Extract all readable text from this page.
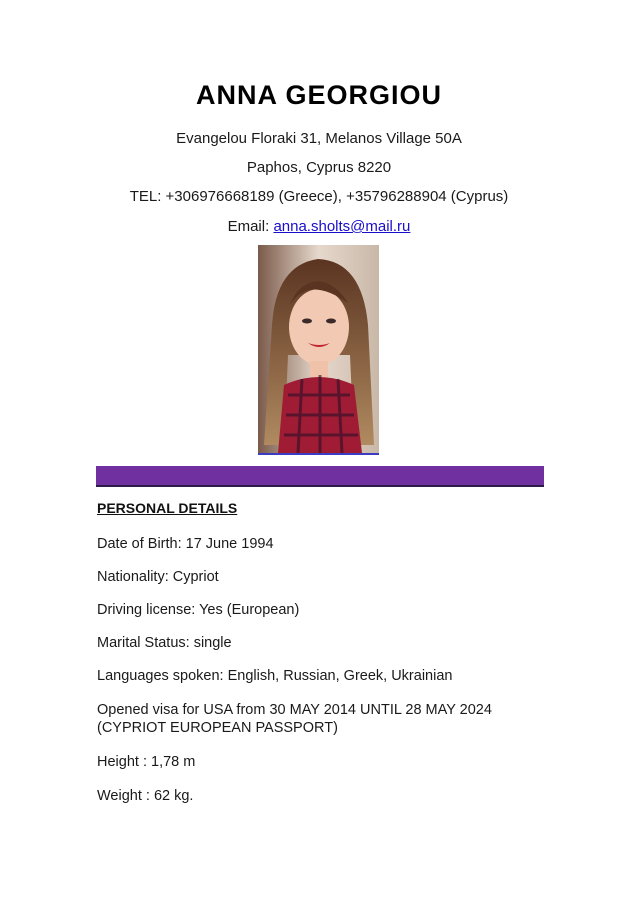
ANNA GEORGIOU
Evangelou Floraki 31, Melanos Village 50A
Paphos, Cyprus 8220
TEL: +306976668189 (Greece), +35796288904 (Cyprus)
Email: anna.sholts@mail.ru
PERSONAL DETAILS
Date of Birth: 17 June 1994
Nationality: Cypriot
Driving license: Yes (European)
Marital Status: single
Languages spoken: English, Russian, Greek, Ukrainian
Opened visa for USA from 30 MAY 2014 UNTIL 28 MAY 2024 (CYPRIOT EUROPEAN PASSPORT)
Height : 1,78 m
Weight : 62 kg.
